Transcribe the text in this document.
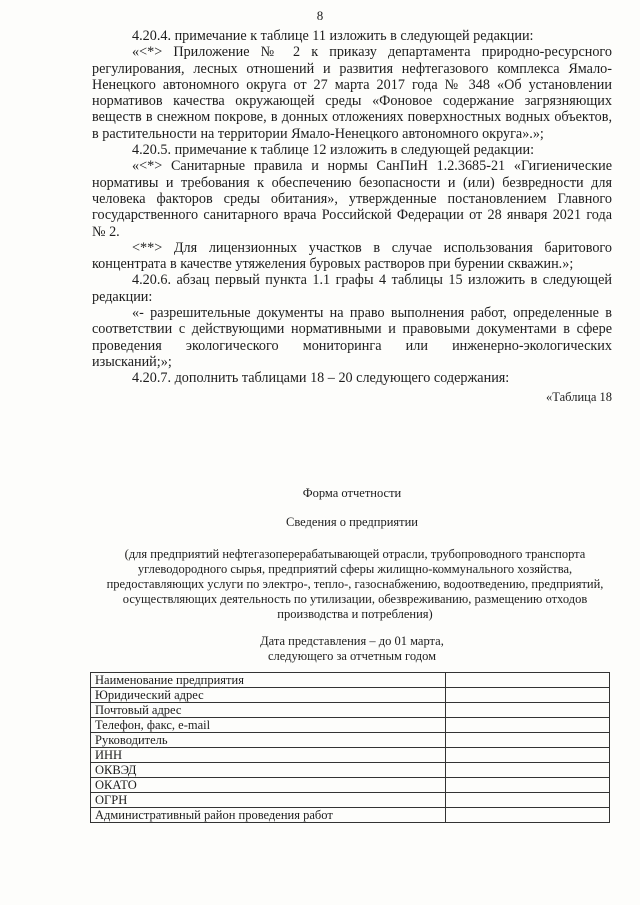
8

4.20.4. примечание к таблице 11 изложить в следующей редакции:

«<*> Приложение № 2 к приказу департамента природно-ресурсного регулирования, лесных отношений и развития нефтегазового комплекса Ямало-Ненецкого автономного округа от 27 марта 2017 года № 348 «Об установлении нормативов качества окружающей среды «Фоновое содержание загрязняющих веществ в снежном покрове, в донных отложениях поверхностных водных объектов, в растительности на территории Ямало-Ненецкого автономного округа».»;

4.20.5. примечание к таблице 12 изложить в следующей редакции:

«<*> Санитарные правила и нормы СанПиН 1.2.3685-21 «Гигиенические нормативы и требования к обеспечению безопасности и (или) безвредности для человека факторов среды обитания», утвержденные постановлением Главного государственного санитарного врача Российской Федерации от 28 января 2021 года № 2.

<**> Для лицензионных участков в случае использования баритового концентрата в качестве утяжеления буровых растворов при бурении скважин.»;

4.20.6. абзац первый пункта 1.1 графы 4 таблицы 15 изложить в следующей редакции:

«- разрешительные документы на право выполнения работ, определенные в соответствии с действующими нормативными и правовыми документами в сфере проведения экологического мониторинга или инженерно-экологических изысканий;»;

4.20.7. дополнить таблицами 18 – 20 следующего содержания:

«Таблица 18

Форма отчетности
Сведения о предприятии
(для предприятий нефтегазоперерабатывающей отрасли, трубопроводного транспорта углеводородного сырья, предприятий сферы жилищно-коммунального хозяйства, предоставляющих услуги по электро-, тепло-, газоснабжению, водоотведению, предприятий, осуществляющих деятельность по утилизации, обезвреживанию, размещению отходов производства и потребления)
Дата представления – до 01 марта,
следующего за отчетным годом
Наименование предприятия	
Юридический адрес	
Почтовый адрес	
Телефон, факс, e-mail	
Руководитель	
ИНН	
ОКВЭД	
ОКАТО	
ОГРН	
Административный район проведения работ	
